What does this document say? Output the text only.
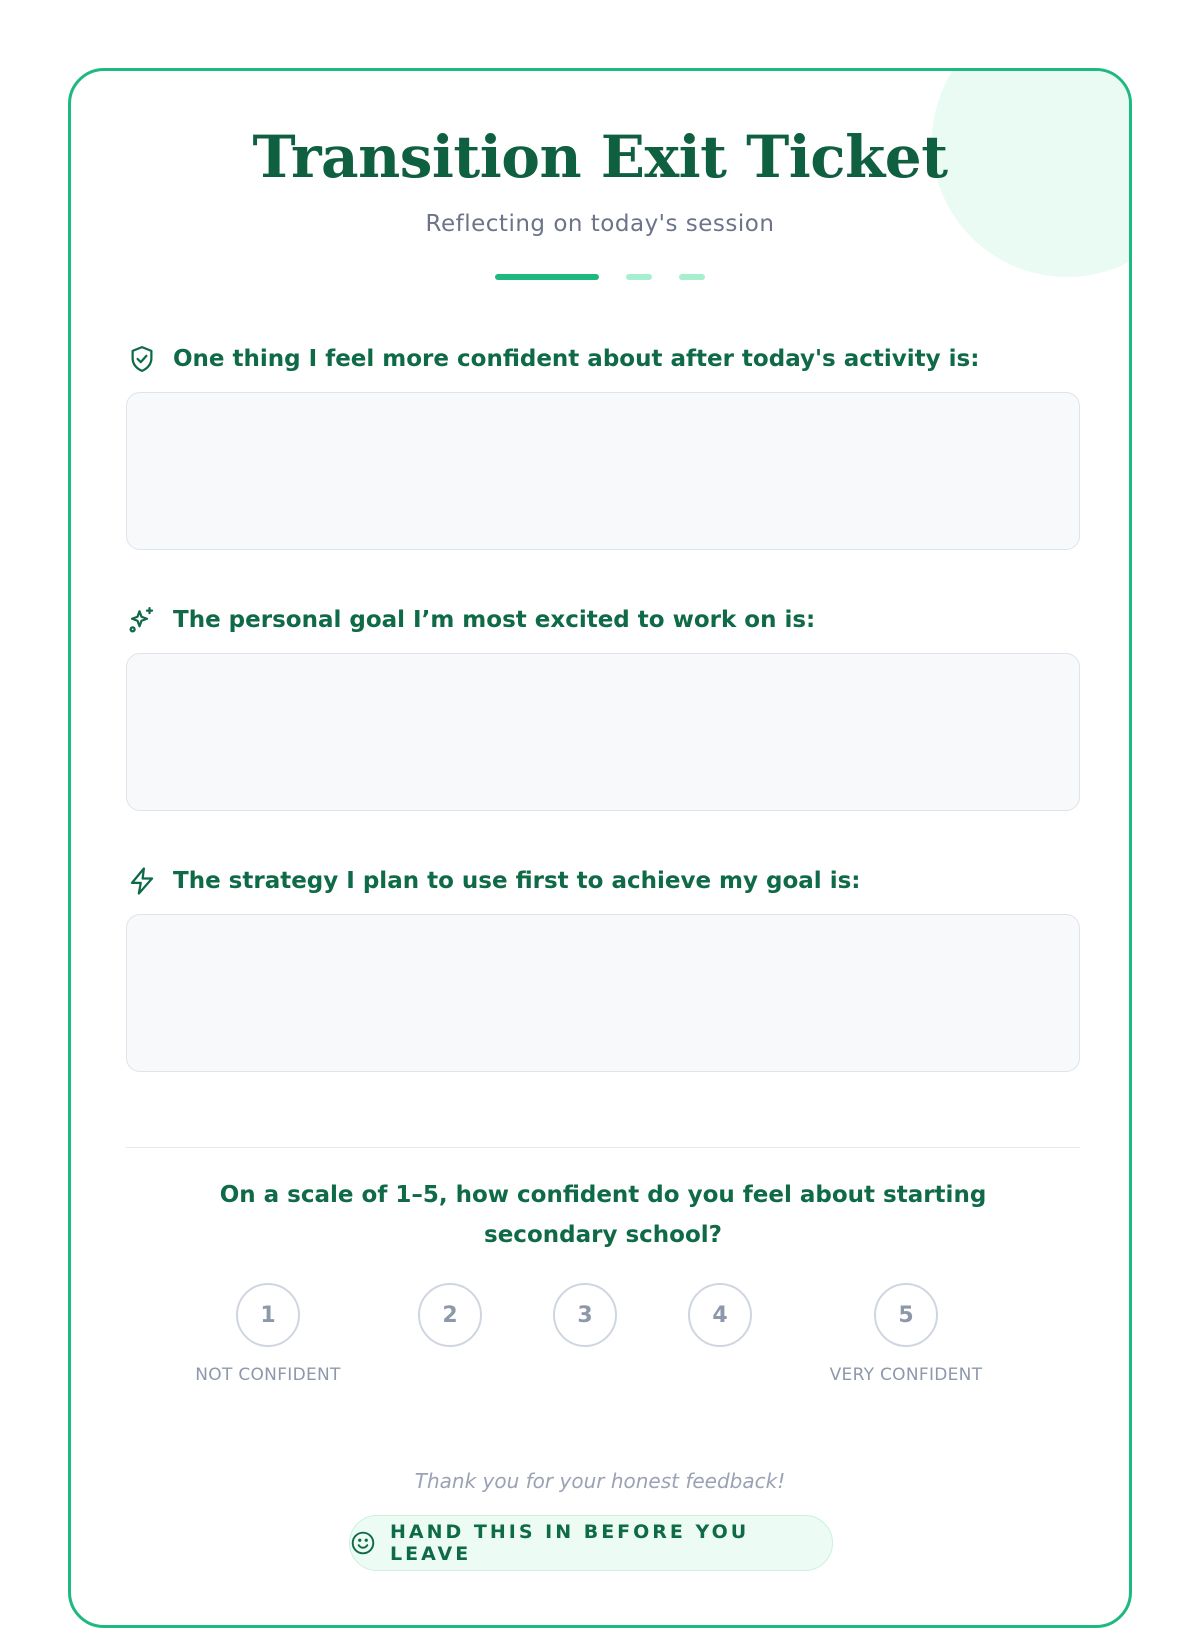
Transition Exit Ticket
Reflecting on today's session
One thing I feel more confident about after today's activity is:
The personal goal I’m most excited to work on is:
The strategy I plan to use first to achieve my goal is:
On a scale of 1–5, how confident do you feel about starting secondary school?
1	2	3	4	5
NOT CONFIDENT	VERY CONFIDENT
Thank you for your honest feedback!
HAND THIS IN BEFORE YOU LEAVE
